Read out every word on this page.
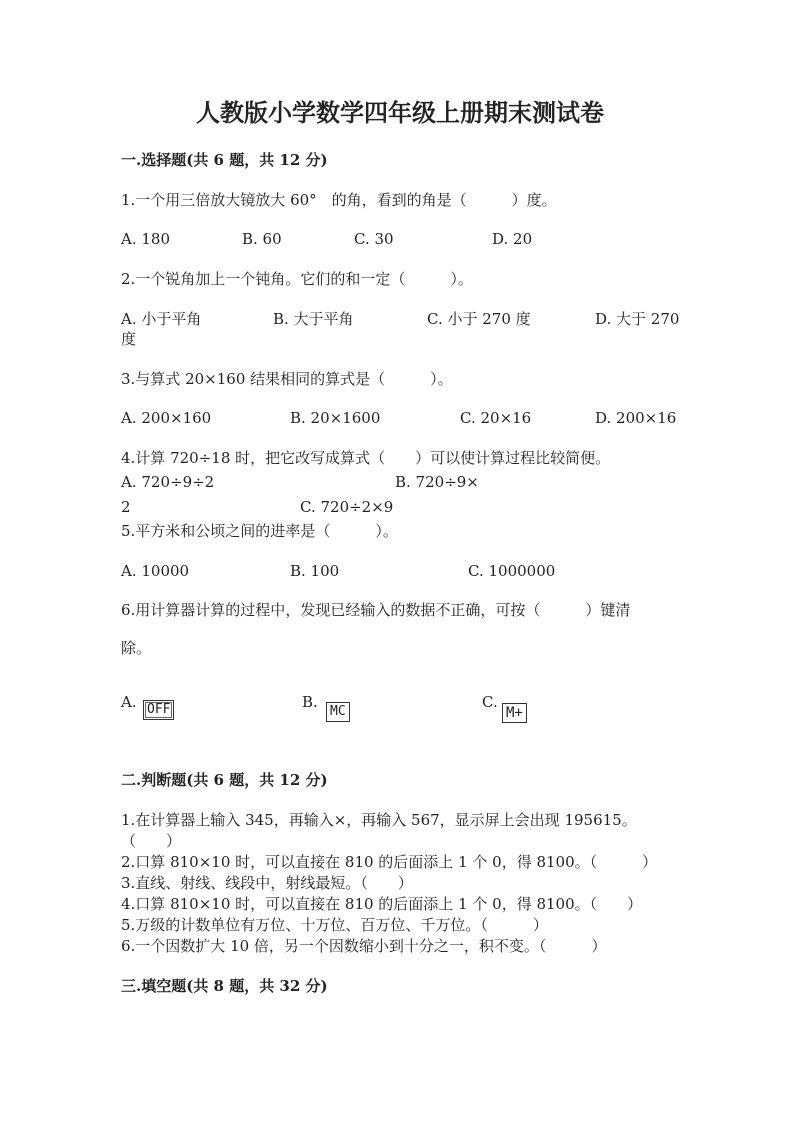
人教版小学数学四年级上册期末测试卷
一.选择题(共 6 题，共 12 分)
1.一个用三倍放大镜放大 60°　的角，看到的角是（　　　）度。
A. 180	B. 60	C. 30	D. 20
2.一个锐角加上一个钝角。它们的和一定（　　　）。
A. 小于平角	B. 大于平角	C. 小于 270 度	D. 大于 270
度
3.与算式 20×160 结果相同的算式是（　　　）。
A. 200×160	B. 20×1600	C. 20×16	D. 200×16
4.计算 720÷18 时，把它改写成算式（　　）可以使计算过程比较简便。
A. 720÷9÷2	B. 720÷9×
2	C. 720÷2×9
5.平方米和公顷之间的进率是（　　　）。
A. 10000	B. 100	C. 1000000
6.用计算器计算的过程中，发现已经输入的数据不正确，可按（　　　）键清
除。
A. OFF	B.
MC
C.
M+
二.判断题(共 6 题，共 12 分)
1.在计算器上输入 345，再输入×，再输入 567，显示屏上会出现 195615。
（　　）
2.口算 810×10 时，可以直接在 810 的后面添上 1 个 0，得 8100。（　　　）
3.直线、射线、线段中，射线最短。（　　）
4.口算 810×10 时，可以直接在 810 的后面添上 1 个 0，得 8100。（　　）
5.万级的计数单位有万位、十万位、百万位、千万位。（　　　）
6.一个因数扩大 10 倍，另一个因数缩小到十分之一，积不变。（　　　）
三.填空题(共 8 题，共 32 分)
